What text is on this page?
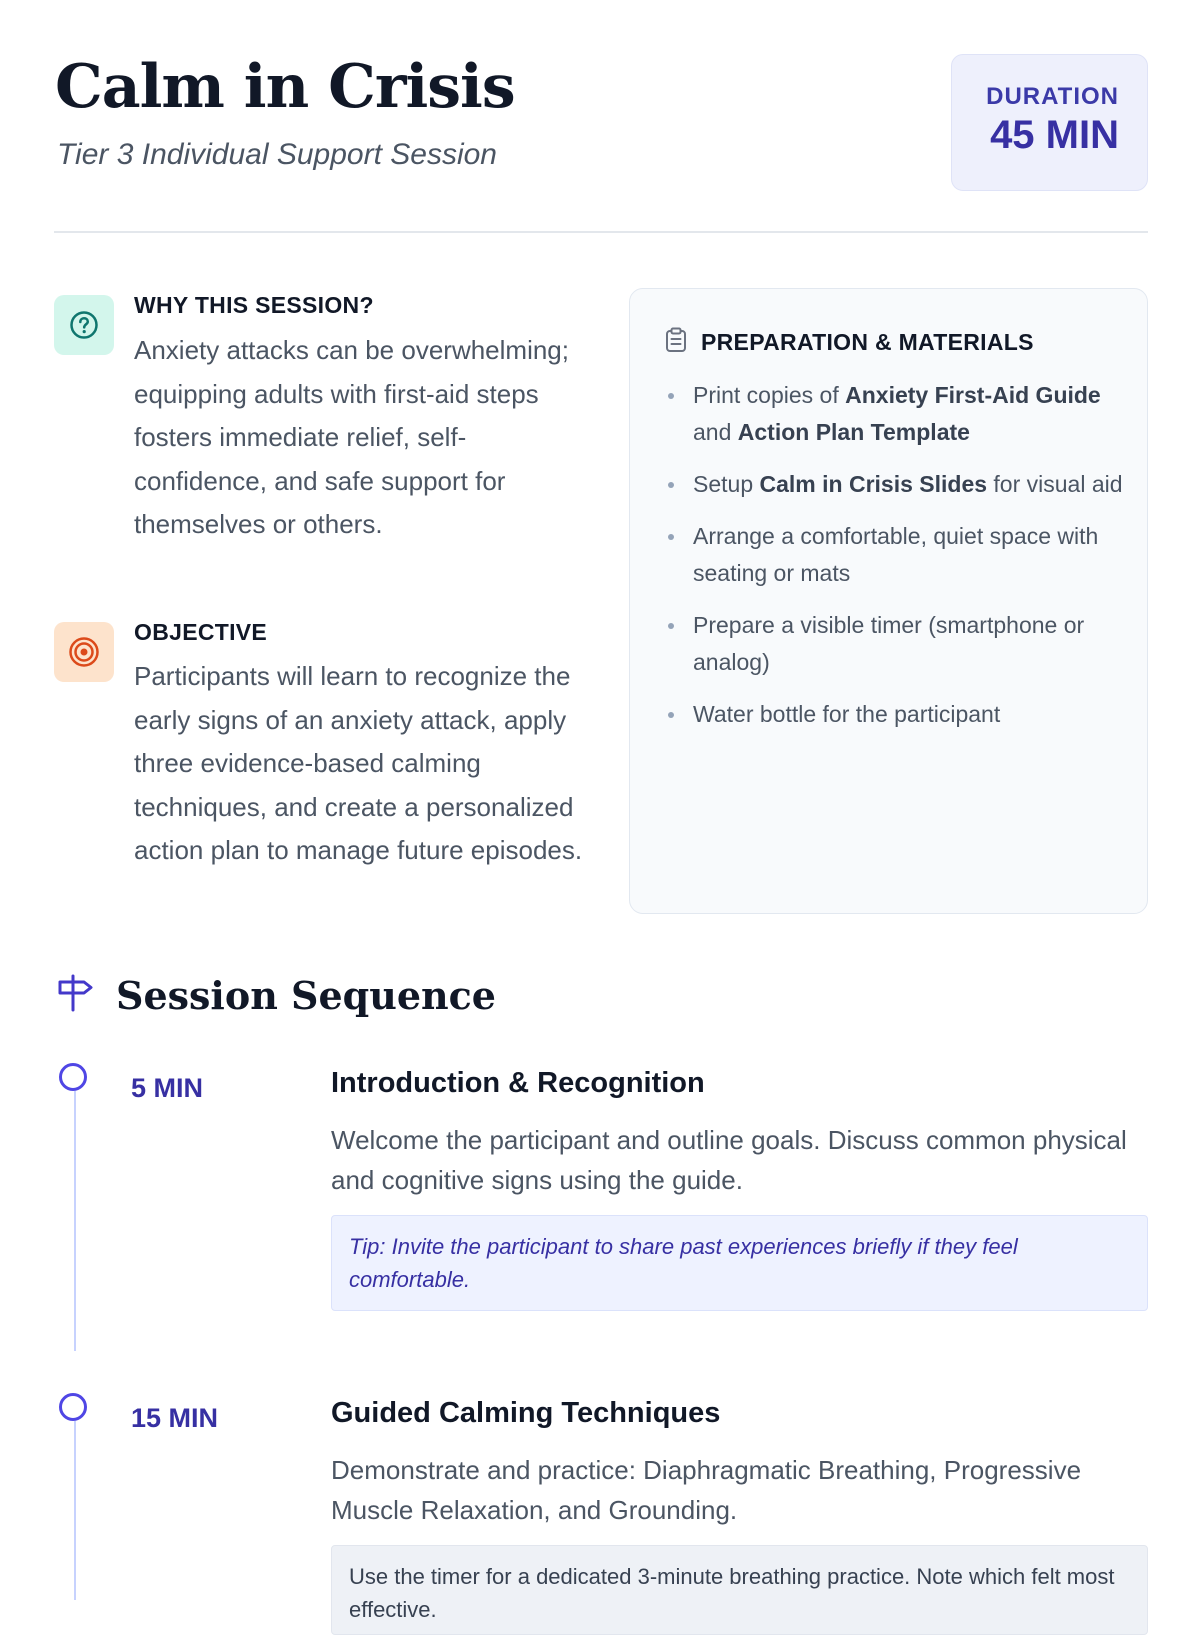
Calm in Crisis

Tier 3 Individual Support Session

DURATION
45 MIN
WHY THIS SESSION?

Anxiety attacks can be overwhelming; equipping adults with first-aid steps fosters immediate relief, self-confidence, and safe support for themselves or others.

OBJECTIVE

Participants will learn to recognize the early signs of an anxiety attack, apply three evidence-based calming techniques, and create a personalized action plan to manage future episodes.

PREPARATION & MATERIALS
Print copies of Anxiety First-Aid Guide and Action Plan Template
Setup Calm in Crisis Slides for visual aid
Arrange a comfortable, quiet space with seating or mats
Prepare a visible timer (smartphone or analog)
Water bottle for the participant
Session Sequence
5 MIN	Introduction & Recognition

Welcome the participant and outline goals. Discuss common physical and cognitive signs using the guide.

Tip: Invite the participant to share past experiences briefly if they feel comfortable.
15 MIN	Guided Calming Techniques

Demonstrate and practice: Diaphragmatic Breathing, Progressive Muscle Relaxation, and Grounding.

Use the timer for a dedicated 3-minute breathing practice. Note which felt most effective.
